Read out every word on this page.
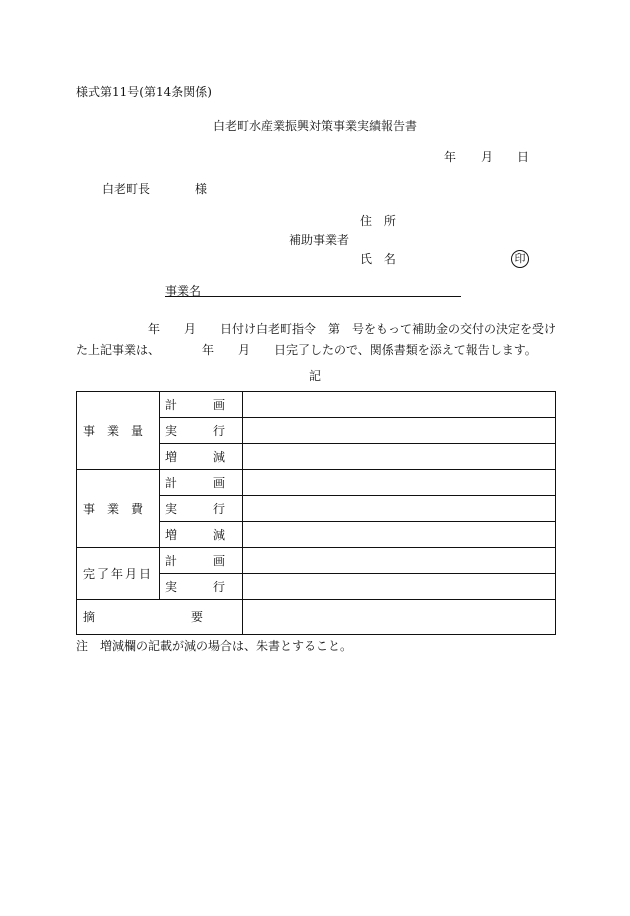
様式第11号(第14条関係)
白老町水産業振興対策事業実績報告書
年 月 日
白老町長	様
住 所
補助事業者
氏 名	印
事業名
年　　月　　日付け白老町指令　第　号をもって補助金の交付の決定を受け
た上記事業は、　　　　年　　月　　日完了したので、関係書類を添えて報告します。
記
事　業　量
事　業　費
完了年月日
計　　　画
実　　　行
増　　　減
計　　　画
実　　　行
増　　　減
計　　　画
実　　　行
摘　　　　　　　　要
注　増減欄の記載が減の場合は、朱書とすること。
